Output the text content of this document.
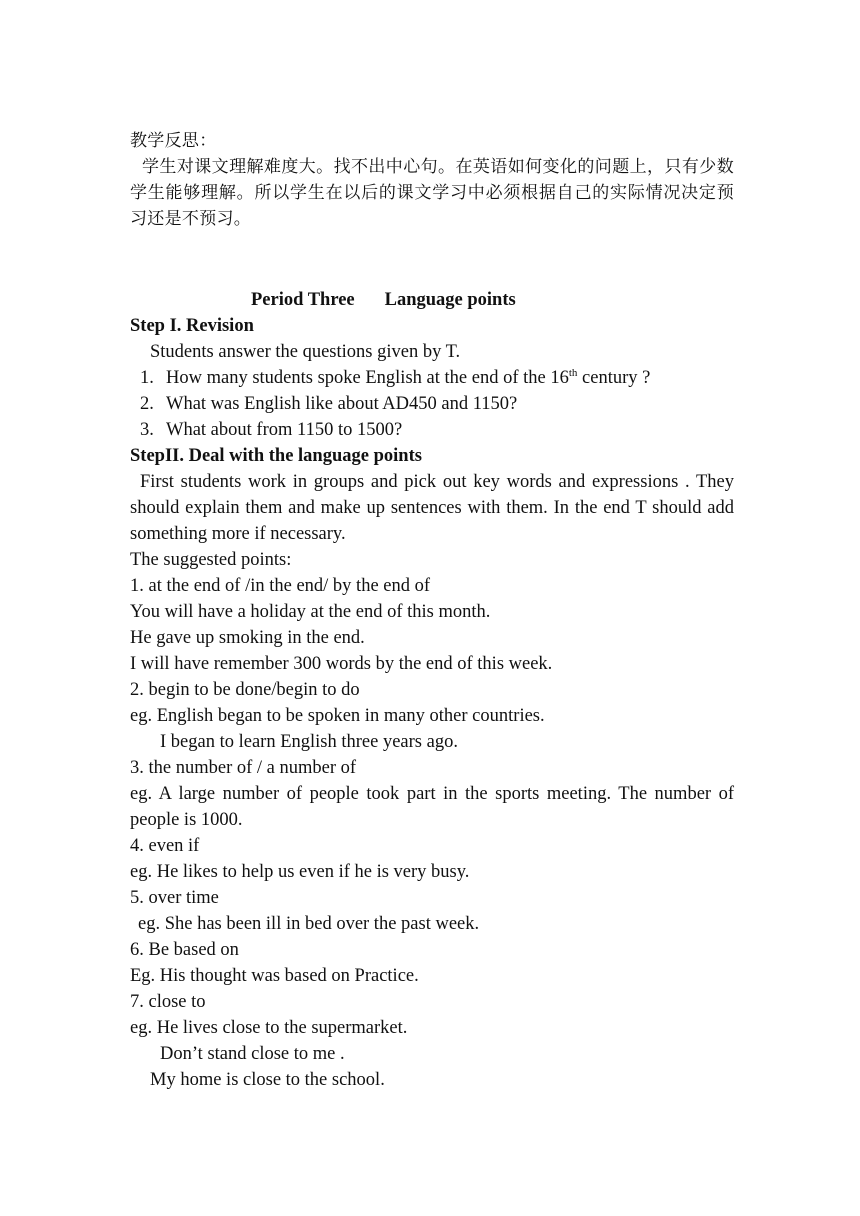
教学反思：

学生对课文理解难度大。找不出中心句。在英语如何变化的问题上，只有少数学生能够理解。所以学生在以后的课文学习中必须根据自己的实际情况决定预习还是不预习。

Period Three Language points
Step I. Revision
Students answer the questions given by T.
1. How many students spoke English at the end of the 16th century ?
2. What was English like about AD450 and 1150?
3. What about from 1150 to 1500?
StepII. Deal with the language points
First students work in groups and pick out key words and expressions . They should explain them and make up sentences with them. In the end T should add something more if necessary.
The suggested points:
1. at the end of /in the end/ by the end of
You will have a holiday at the end of this month.
He gave up smoking in the end.
I will have remember 300 words by the end of this week.
2. begin to be done/begin to do
eg. English began to be spoken in many other countries.
I began to learn English three years ago.
3. the number of / a number of
eg. A large number of people took part in the sports meeting. The number of people is 1000.
4. even if
eg. He likes to help us even if he is very busy.
5. over time
eg. She has been ill in bed over the past week.
6. Be based on
Eg. His thought was based on Practice.
7. close to
eg. He lives close to the supermarket.
Don’t stand close to me .
My home is close to the school.
